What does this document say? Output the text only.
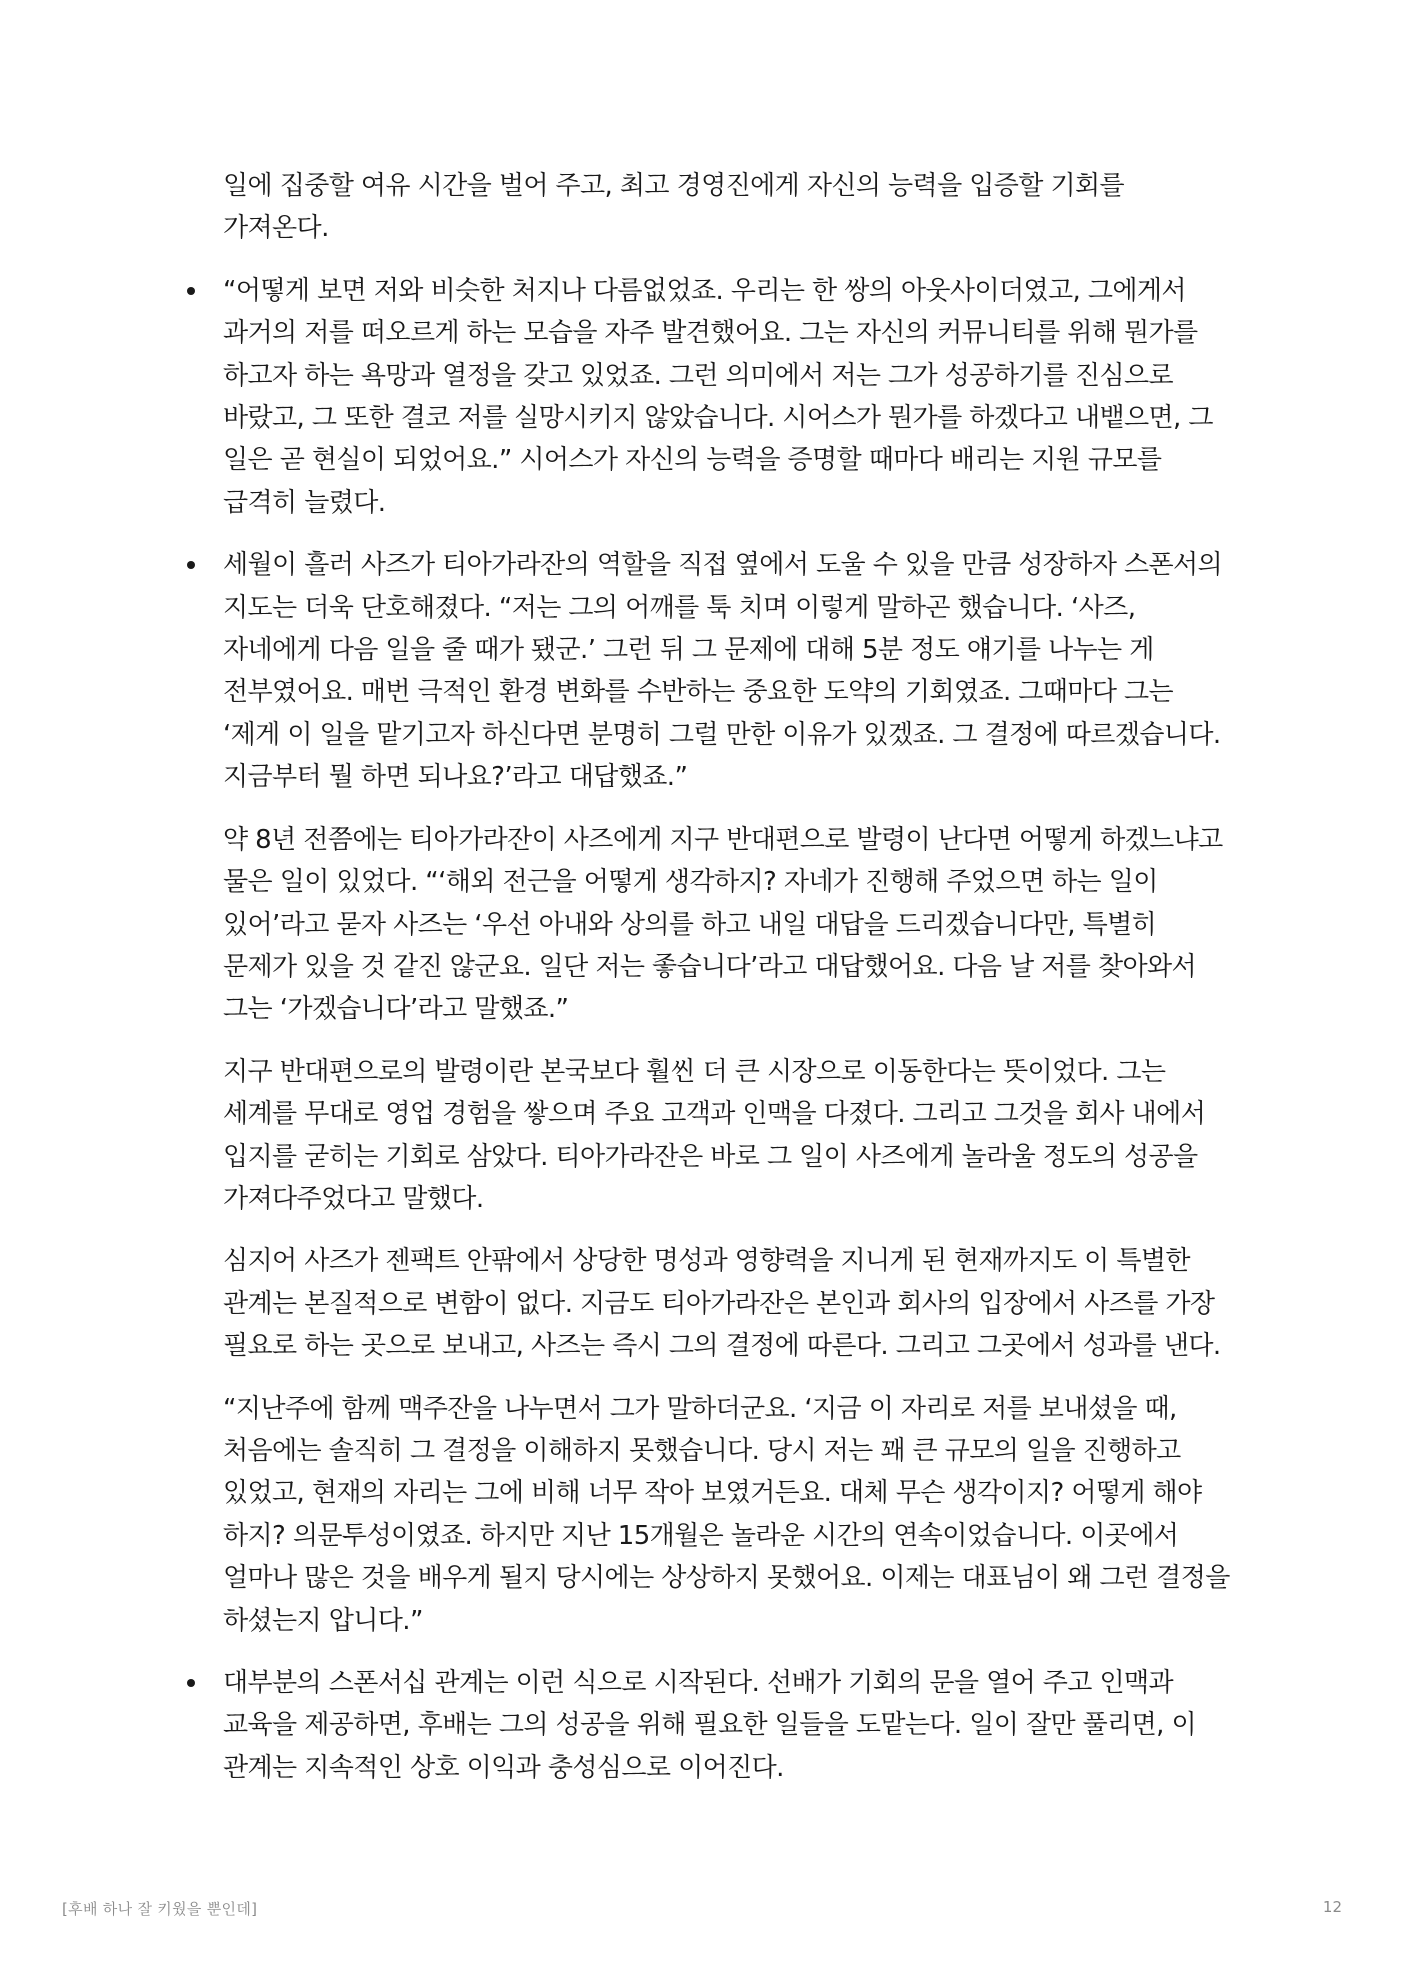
일에 집중할 여유 시간을 벌어 주고, 최고 경영진에게 자신의 능력을 입증할 기회를 가져온다.

“어떻게 보면 저와 비슷한 처지나 다름없었죠. 우리는 한 쌍의 아웃사이더였고, 그에게서 과거의 저를 떠오르게 하는 모습을 자주 발견했어요. 그는 자신의 커뮤니티를 위해 뭔가를 하고자 하는 욕망과 열정을 갖고 있었죠. 그런 의미에서 저는 그가 성공하기를 진심으로 바랐고, 그 또한 결코 저를 실망시키지 않았습니다. 시어스가 뭔가를 하겠다고 내뱉으면, 그 일은 곧 현실이 되었어요.” 시어스가 자신의 능력을 증명할 때마다 배리는 지원 규모를 급격히 늘렸다.
세월이 흘러 사즈가 티아가라잔의 역할을 직접 옆에서 도울 수 있을 만큼 성장하자 스폰서의 지도는 더욱 단호해졌다. “저는 그의 어깨를 툭 치며 이렇게 말하곤 했습니다. ‘사즈, 자네에게 다음 일을 줄 때가 됐군.’ 그런 뒤 그 문제에 대해 5분 정도 얘기를 나누는 게 전부였어요. 매번 극적인 환경 변화를 수반하는 중요한 도약의 기회였죠. 그때마다 그는 ‘제게 이 일을 맡기고자 하신다면 분명히 그럴 만한 이유가 있겠죠. 그 결정에 따르겠습니다. 지금부터 뭘 하면 되나요?’라고 대답했죠.”

약 8년 전쯤에는 티아가라잔이 사즈에게 지구 반대편으로 발령이 난다면 어떻게 하겠느냐고 물은 일이 있었다. “‘해외 전근을 어떻게 생각하지? 자네가 진행해 주었으면 하는 일이 있어’라고 묻자 사즈는 ‘우선 아내와 상의를 하고 내일 대답을 드리겠습니다만, 특별히 문제가 있을 것 같진 않군요. 일단 저는 좋습니다’라고 대답했어요. 다음 날 저를 찾아와서 그는 ‘가겠습니다’라고 말했죠.”

지구 반대편으로의 발령이란 본국보다 훨씬 더 큰 시장으로 이동한다는 뜻이었다. 그는 세계를 무대로 영업 경험을 쌓으며 주요 고객과 인맥을 다졌다. 그리고 그것을 회사 내에서 입지를 굳히는 기회로 삼았다. 티아가라잔은 바로 그 일이 사즈에게 놀라울 정도의 성공을 가져다주었다고 말했다.

심지어 사즈가 젠팩트 안팎에서 상당한 명성과 영향력을 지니게 된 현재까지도 이 특별한 관계는 본질적으로 변함이 없다. 지금도 티아가라잔은 본인과 회사의 입장에서 사즈를 가장 필요로 하는 곳으로 보내고, 사즈는 즉시 그의 결정에 따른다. 그리고 그곳에서 성과를 낸다.

“지난주에 함께 맥주잔을 나누면서 그가 말하더군요. ‘지금 이 자리로 저를 보내셨을 때, 처음에는 솔직히 그 결정을 이해하지 못했습니다. 당시 저는 꽤 큰 규모의 일을 진행하고 있었고, 현재의 자리는 그에 비해 너무 작아 보였거든요. 대체 무슨 생각이지? 어떻게 해야 하지? 의문투성이였죠. 하지만 지난 15개월은 놀라운 시간의 연속이었습니다. 이곳에서 얼마나 많은 것을 배우게 될지 당시에는 상상하지 못했어요. 이제는 대표님이 왜 그런 결정을 하셨는지 압니다.”

대부분의 스폰서십 관계는 이런 식으로 시작된다. 선배가 기회의 문을 열어 주고 인맥과 교육을 제공하면, 후배는 그의 성공을 위해 필요한 일들을 도맡는다. 일이 잘만 풀리면, 이 관계는 지속적인 상호 이익과 충성심으로 이어진다.
[후배 하나 잘 키웠을 뿐인데]	12
